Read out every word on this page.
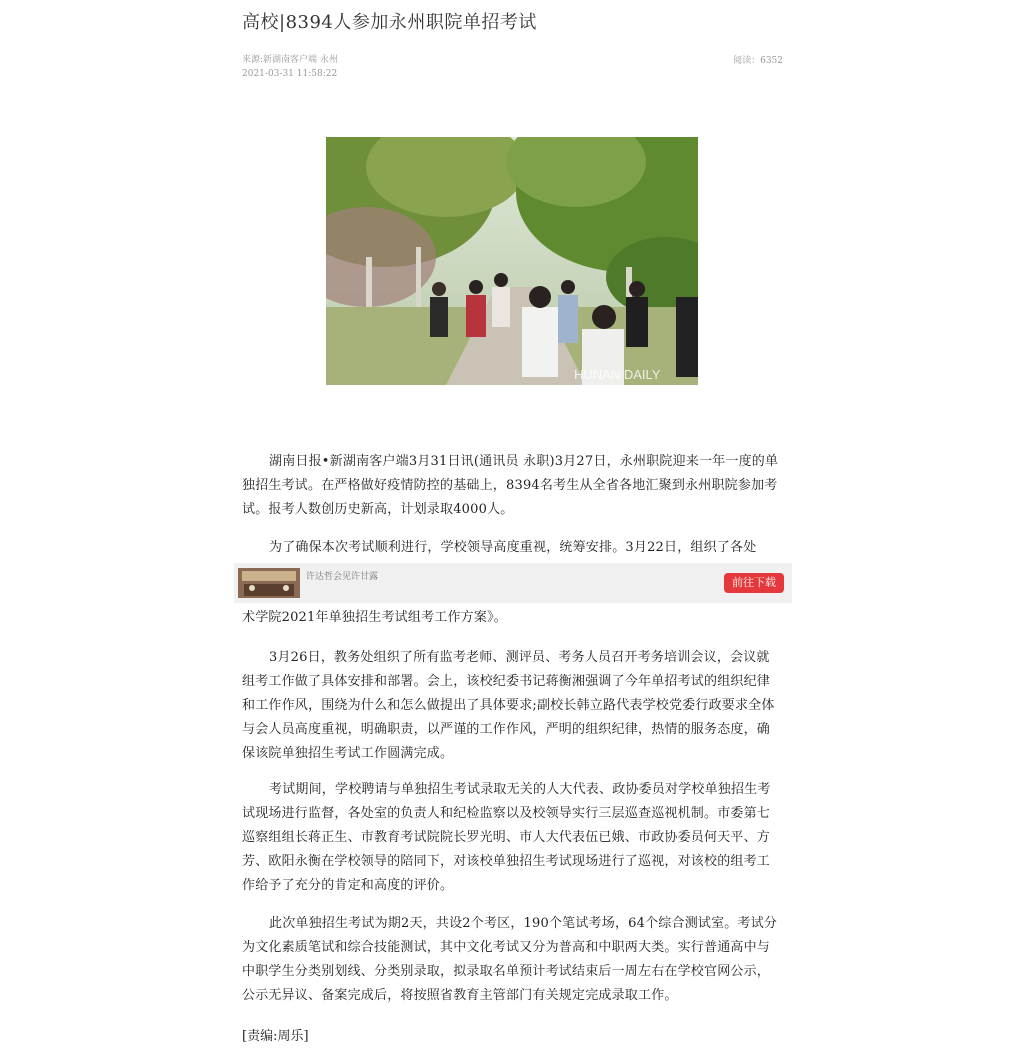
高校|8394人参加永州职院单招考试
来源:新湖南客户端 永州
2021-03-31 11:58:22
阅读：6352
HUNAN DAILY

湖南日报•新湖南客户端3月31日讯(通讯员 永职)3月27日，永州职院迎来一年一度的单独招生考试。在严格做好疫情防控的基础上，8394名考生从全省各地汇聚到永州职院参加考试。报考人数创历史新高，计划录取4000人。

为了确保本次考试顺利进行，学校领导高度重视，统筹安排。3月22日，组织了各处

许达哲会见许甘露	前往下载

术学院2021年单独招生考试组考工作方案》。

3月26日，教务处组织了所有监考老师、测评员、考务人员召开考务培训会议，会议就组考工作做了具体安排和部署。会上，该校纪委书记蒋衡湘强调了今年单招考试的组织纪律和工作作风，围绕为什么和怎么做提出了具体要求;副校长韩立路代表学校党委行政要求全体与会人员高度重视，明确职责，以严谨的工作作风，严明的组织纪律，热情的服务态度，确保该院单独招生考试工作圆满完成。

考试期间，学校聘请与单独招生考试录取无关的人大代表、政协委员对学校单独招生考试现场进行监督，各处室的负责人和纪检监察以及校领导实行三层巡查巡视机制。市委第七巡察组组长蒋正生、市教育考试院院长罗光明、市人大代表伍已娥、市政协委员何天平、方芳、欧阳永衡在学校领导的陪同下，对该校单独招生考试现场进行了巡视，对该校的组考工作给予了充分的肯定和高度的评价。

此次单独招生考试为期2天，共设2个考区，190个笔试考场，64个综合测试室。考试分为文化素质笔试和综合技能测试，其中文化考试又分为普高和中职两大类。实行普通高中与中职学生分类别划线、分类别录取，拟录取名单预计考试结束后一周左右在学校官网公示，公示无异议、备案完成后，将按照省教育主管部门有关规定完成录取工作。

[责编:周乐]
